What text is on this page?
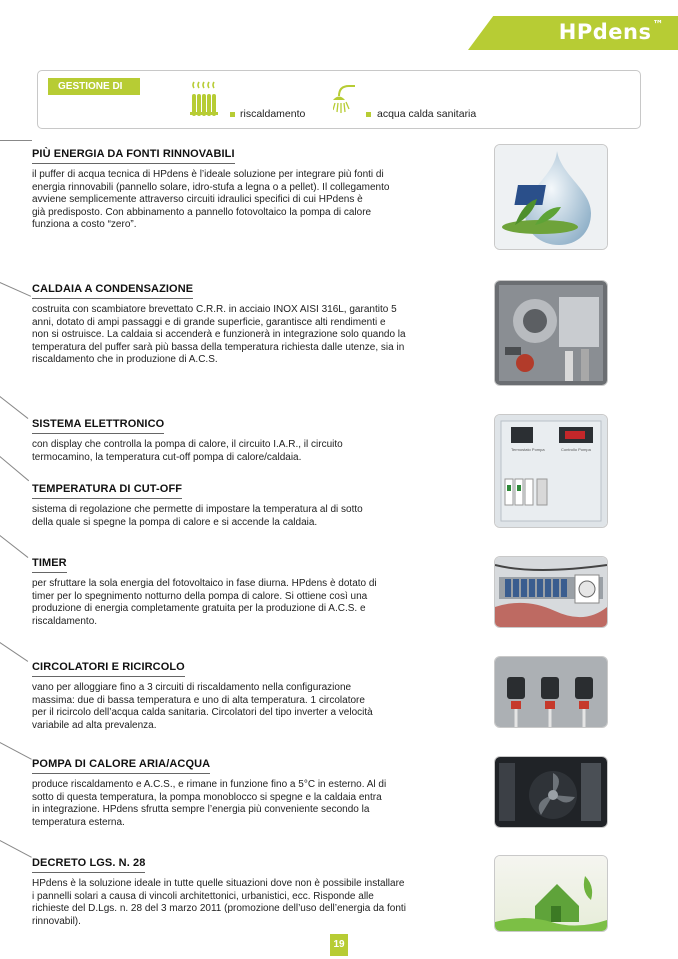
HPdens™
GESTIONE DI
riscaldamento	acqua calda sanitaria
PIÙ ENERGIA DA FONTI RINNOVABILI
il puffer di acqua tecnica di HPdens è l’ideale soluzione per integrare più fonti di
energia rinnovabili (pannello solare, idro-stufa a legna o a pellet). Il collegamento
avviene semplicemente attraverso circuiti idraulici specifici di cui HPdens è
già predisposto. Con abbinamento a pannello fotovoltaico la pompa di calore
funziona a costo “zero”.
CALDAIA A CONDENSAZIONE
costruita con scambiatore brevettato C.R.R. in acciaio INOX AISI 316L, garantito 5
anni, dotato di ampi passaggi e di grande superficie, garantisce alti rendimenti e
non si ostruisce. La caldaia si accenderà e funzionerà in integrazione solo quando la
temperatura del puffer sarà più bassa della temperatura richiesta dalle utenze, sia in
riscaldamento che in produzione di A.C.S.
SISTEMA ELETTRONICO
con display che controlla la pompa di calore, il circuito I.A.R., il circuito
termocamino, la temperatura cut-off pompa di calore/caldaia.
TEMPERATURA DI CUT-OFF
sistema di regolazione che permette di impostare la temperatura al di sotto
della quale si spegne la pompa di calore e si accende la caldaia.
TIMER
per sfruttare la sola energia del fotovoltaico in fase diurna. HPdens è dotato di
timer per lo spegnimento notturno della pompa di calore. Si ottiene così una
produzione di energia completamente gratuita per la produzione di A.C.S. e
riscaldamento.
CIRCOLATORI E RICIRCOLO
vano per alloggiare fino a 3 circuiti di riscaldamento nella configurazione
massima: due di bassa temperatura e uno di alta temperatura. 1 circolatore
per il ricircolo dell’acqua calda sanitaria. Circolatori del tipo inverter a velocità
variabile ad alta prevalenza.
POMPA DI CALORE ARIA/ACQUA
produce riscaldamento e A.C.S., e rimane in funzione fino a 5°C in esterno. Al di
sotto di questa temperatura, la pompa monoblocco si spegne e la caldaia entra
in integrazione. HPdens sfrutta sempre l’energia più conveniente secondo la
temperatura esterna.
DECRETO LGS. N. 28
HPdens è la soluzione ideale in tutte quelle situazioni dove non è possibile installare
i pannelli solari a causa di vincoli architettonici, urbanistici, ecc. Risponde alle
richieste del D.Lgs. n. 28 del 3 marzo 2011 (promozione dell’uso dell’energia da fonti
rinnovabil).
Termostato Pompa	Controllo Pompa
19
